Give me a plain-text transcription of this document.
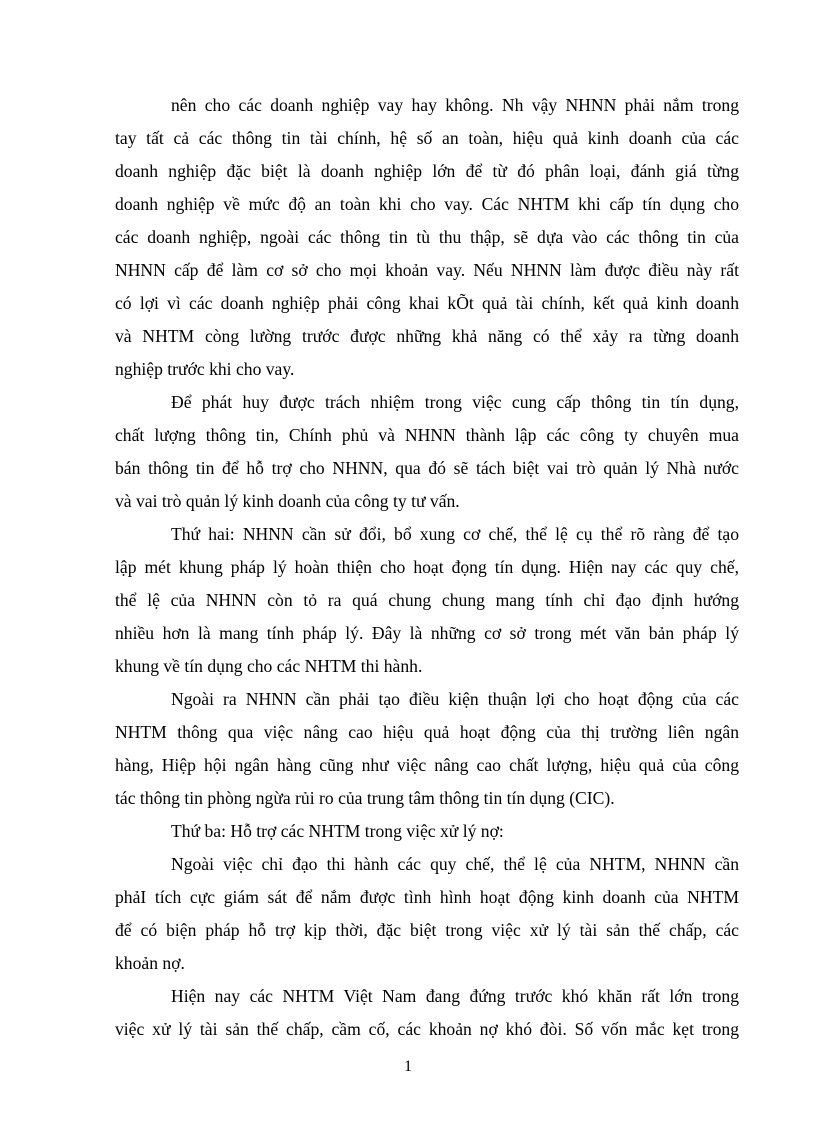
nên cho các doanh nghiệp vay hay không. Nh vậy NHNN phải nắm trong
tay tất cả các thông tin tài chính, hệ số an toàn, hiệu quả kinh doanh của các
doanh nghiệp đặc biệt là doanh nghiệp lớn để từ đó phân loại, đánh giá từng
doanh nghiệp về mức độ an toàn khi cho vay. Các NHTM khi cấp tín dụng cho
các doanh nghiệp, ngoài các thông tin tù thu thập, sẽ dựa vào các thông tin của
NHNN cấp để làm cơ sở cho mọi khoản vay. Nếu NHNN làm được điều này rất
có lợi vì các doanh nghiệp phải công khai kÕt quả tài chính, kết quả kinh doanh
và NHTM còng lường trước được những khả năng có thể xảy ra từng doanh
nghiệp trước khi cho vay.
Để phát huy được trách nhiệm trong việc cung cấp thông tin tín dụng,
chất lượng thông tin, Chính phủ và NHNN thành lập các công ty chuyên mua
bán thông tin để hỗ trợ cho NHNN, qua đó sẽ tách biệt vai trò quản lý Nhà nước
và vai trò quản lý kinh doanh của công ty tư vấn.
Thứ hai: NHNN cần sử đổi, bổ xung cơ chế, thể lệ cụ thể rõ ràng để tạo
lập mét khung pháp lý hoàn thiện cho hoạt đọng tín dụng. Hiện nay các quy chế,
thể lệ của NHNN còn tỏ ra quá chung chung mang tính chỉ đạo định hướng
nhiều hơn là mang tính pháp lý. Đây là những cơ sở trong mét văn bản pháp lý
khung về tín dụng cho các NHTM thi hành.
Ngoài ra NHNN cần phải tạo điều kiện thuận lợi cho hoạt động của các
NHTM thông qua việc nâng cao hiệu quả hoạt động của thị trường liên ngân
hàng, Hiệp hội ngân hàng cũng như việc nâng cao chất lượng, hiệu quả của công
tác thông tin phòng ngừa rủi ro của trung tâm thông tin tín dụng (CIC).
Thứ ba: Hỗ trợ các NHTM trong việc xử lý nợ:
Ngoài việc chỉ đạo thi hành các quy chế, thể lệ của NHTM, NHNN cần
phảI tích cực giám sát để nắm được tình hình hoạt động kinh doanh của NHTM
để có biện pháp hỗ trợ kịp thời, đặc biệt trong việc xử lý tài sản thế chấp, các
khoản nợ.
Hiện nay các NHTM Việt Nam đang đứng trước khó khăn rất lớn trong
việc xử lý tài sản thế chấp, cầm cố, các khoản nợ khó đòi. Số vốn mắc kẹt trong
1
